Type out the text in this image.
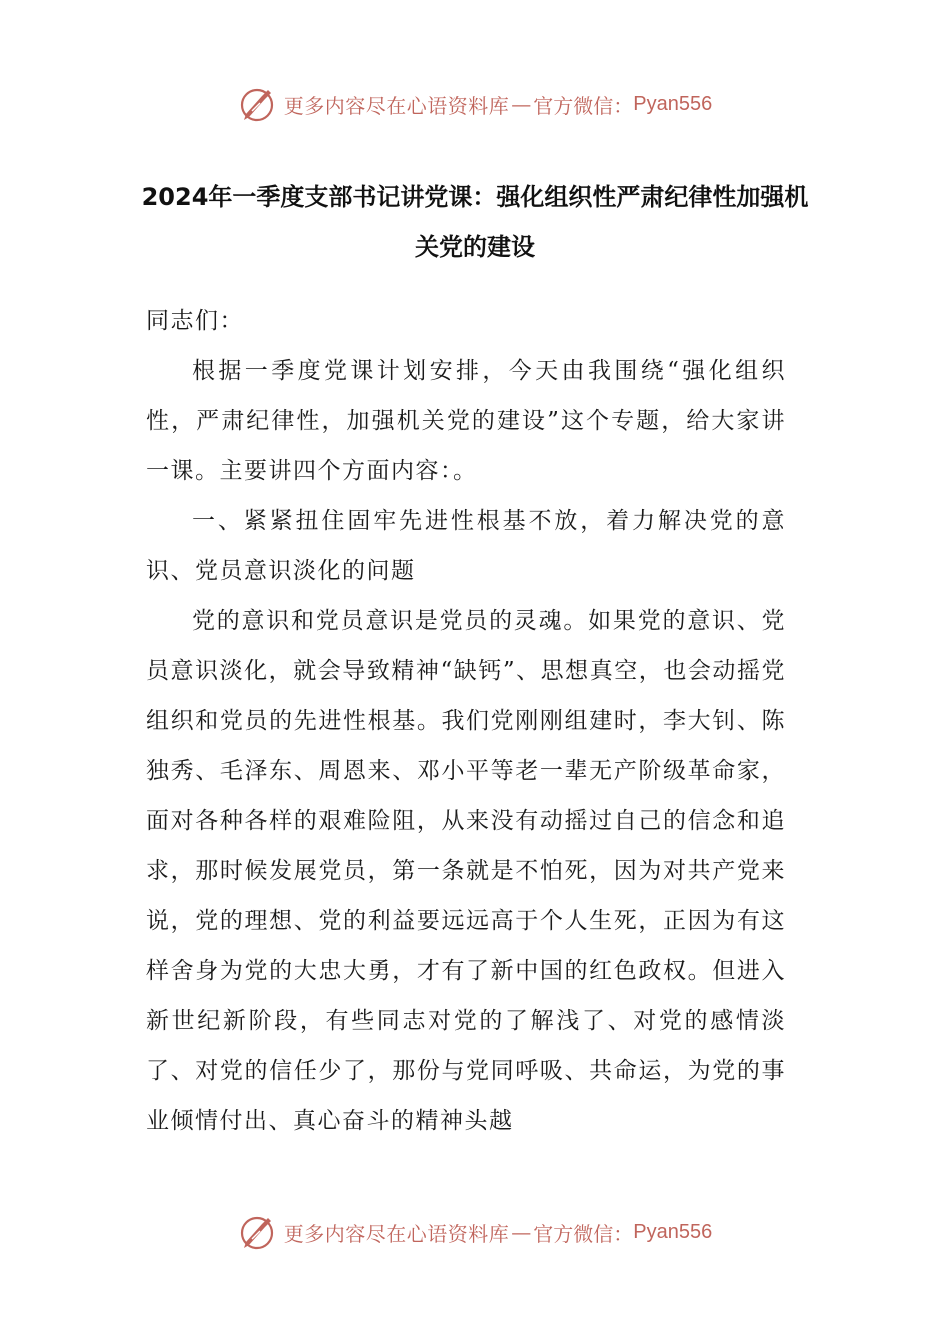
更多内容尽在心语资料库 — 官方微信： Pyan556
2024年一季度支部书记讲党课：强化组织性严肃纪律性加强机关党的建设

同志们：

根据一季度党课计划安排，今天由我围绕“强化组织性，严肃纪律性，加强机关党的建设”这个专题，给大家讲一课。主要讲四个方面内容：。

一、紧紧扭住固牢先进性根基不放，着力解决党的意识、党员意识淡化的问题

党的意识和党员意识是党员的灵魂。如果党的意识、党员意识淡化，就会导致精神“缺钙”、思想真空，也会动摇党组织和党员的先进性根基。我们党刚刚组建时，李大钊、陈独秀、毛泽东、周恩来、邓小平等老一辈无产阶级革命家，面对各种各样的艰难险阻，从来没有动摇过自己的信念和追求，那时候发展党员，第一条就是不怕死，因为对共产党来说，党的理想、党的利益要远远高于个人生死，正因为有这样舍身为党的大忠大勇，才有了新中国的红色政权。但进入新世纪新阶段，有些同志对党的了解浅了、对党的感情淡了、对党的信任少了，那份与党同呼吸、共命运，为党的事业倾情付出、真心奋斗的精神头越

更多内容尽在心语资料库 — 官方微信： Pyan556
